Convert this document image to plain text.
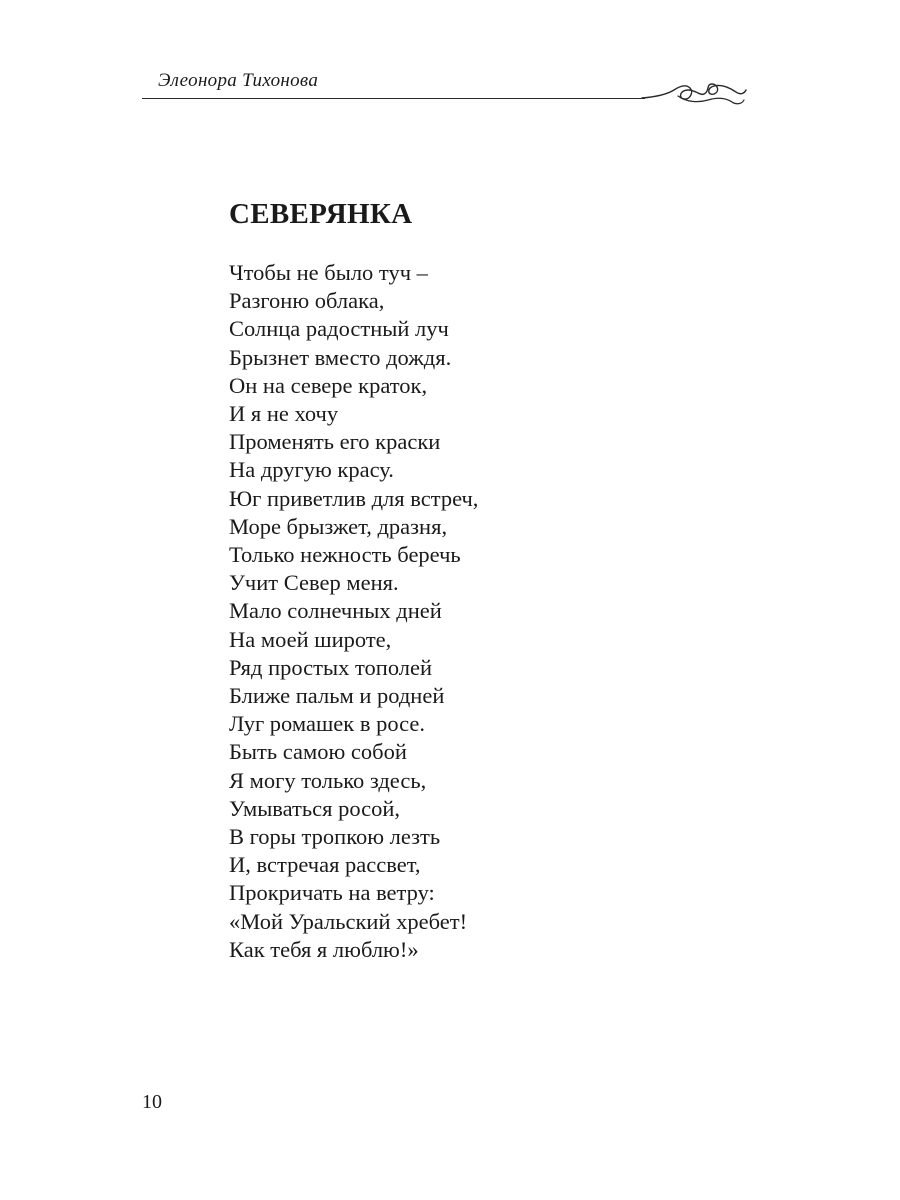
Элеонора Тихонова
СЕВЕРЯНКА
Чтобы не было туч –
Разгоню облака,
Солнца радостный луч
Брызнет вместо дождя.
Он на севере краток,
И я не хочу
Променять его краски
На другую красу.
Юг приветлив для встреч,
Море брызжет, дразня,
Только нежность беречь
Учит Север меня.
Мало солнечных дней
На моей широте,
Ряд простых тополей
Ближе пальм и родней
Луг ромашек в росе.
Быть самою собой
Я могу только здесь,
Умываться росой,
В горы тропкою лезть
И, встречая рассвет,
Прокричать на ветру:
«Мой Уральский хребет!
Как тебя я люблю!»
10
